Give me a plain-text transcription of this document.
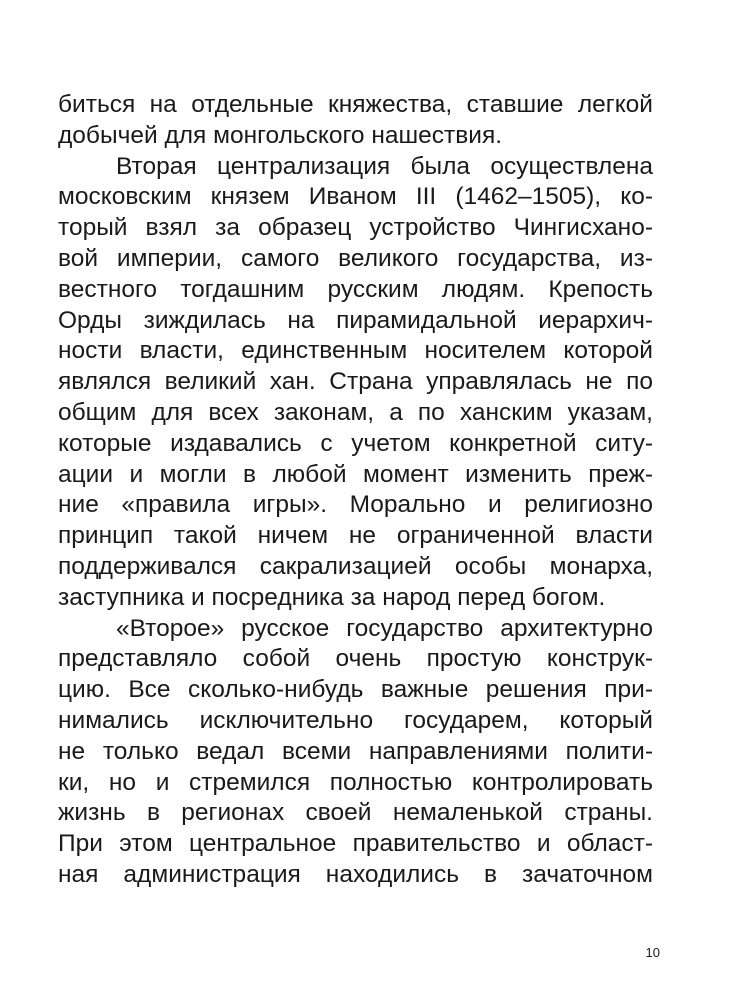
биться на отдельные княжества, ставшие легкой
добычей для монгольского нашествия.
Вторая централизация была осуществлена
московским князем Иваном III (1462–1505), ко-
торый взял за образец устройство Чингисхано-
вой империи, самого великого государства, из-
вестного тогдашним русским людям. Крепость
Орды зиждилась на пирамидальной иерархич-
ности власти, единственным носителем которой
являлся великий хан. Страна управлялась не по
общим для всех законам, а по ханским указам,
которые издавались с учетом конкретной ситу-
ации и могли в любой момент изменить преж-
ние «правила игры». Морально и религиозно
принцип такой ничем не ограниченной власти
поддерживался сакрализацией особы монарха,
заступника и посредника за народ перед богом.
«Второе» русское государство архитектурно
представляло собой очень простую конструк-
цию. Все сколько-нибудь важные решения при-
нимались исключительно государем, который
не только ведал всеми направлениями полити-
ки, но и стремился полностью контролировать
жизнь в регионах своей немаленькой страны.
При этом центральное правительство и област-
ная администрация находились в зачаточном
10
